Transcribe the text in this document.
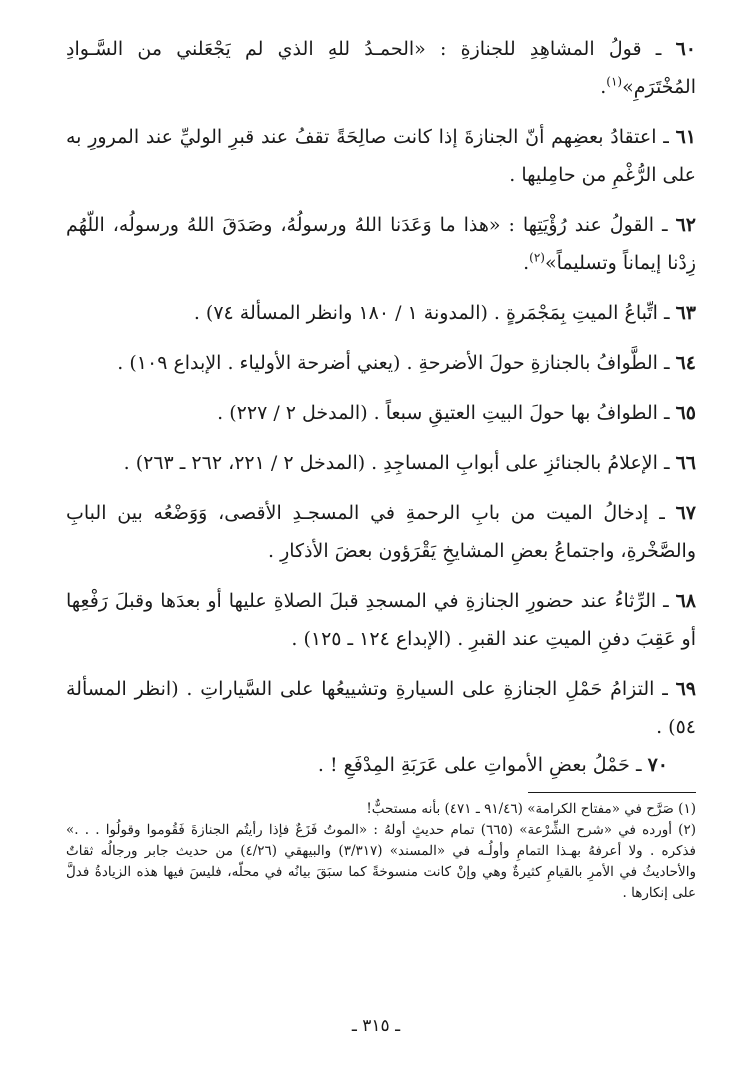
٦٠ ـ قولُ المشاهِدِ للجنازةِ : «الحمـدُ للهِ الذي لم يَجْعَلني من السَّـوادِ المُخْتَرَمِ»$^{(١)}$.

٦١ ـ اعتقادُ بعضِهم أنّ الجنازةَ إذا كانت صالِحَةً تقفُ عند قبرِ الوليِّ عند المرورِ به على الرُّغْمِ من حامِليها .

٦٢ ـ القولُ عند رُؤْيَتِها : «هذا ما وَعَدَنا اللهُ ورسولُهُ، وصَدَقَ اللهُ ورسولُه، اللّهُم زِدْنا إيماناً وتسليماً»$^{(٢)}$.

٦٣ ـ اتِّباعُ الميتِ بِمَجْمَرةٍ . (المدونة ١ / ١٨٠ وانظر المسألة ٧٤) .

٦٤ ـ الطَّوافُ بالجنازةِ حولَ الأضرحةِ . (يعني أضرحة الأولياء . الإبداع ١٠٩) .

٦٥ ـ الطوافُ بها حولَ البيتِ العتيقِ سبعاً . (المدخل ٢ / ٢٢٧) .

٦٦ ـ الإعلامُ بالجنائزِ على أبوابِ المساجِدِ . (المدخل ٢ / ٢٢١، ٢٦٢ ـ ٢٦٣) .

٦٧ ـ إدخالُ الميت من بابِ الرحمةِ في المسجـدِ الأقصى، وَوَضْعُه بين البابِ والصَّخْرةِ، واجتماعُ بعضِ المشايخِ يَقْرَؤون بعضَ الأذكارِ .

٦٨ ـ الرِّثاءُ عند حضورِ الجنازةِ في المسجدِ قبلَ الصلاةِ عليها أو بعدَها وقبلَ رَفْعِها أو عَقِبَ دفنِ الميتِ عند القبرِ . (الإبداع ١٢٤ ـ ١٢٥) .

٦٩ ـ التزامُ حَمْلِ الجنازةِ على السيارةِ وتشييعُها على السَّياراتِ . (انظر المسألة ٥٤) .

٧٠ ـ حَمْلُ بعضِ الأمواتِ على عَرَبَةِ المِدْفَعِ ! .

(١) صَرَّح في «مفتاح الكرامة» (٩١/٤٦ ـ ٤٧١) بأنه مستحبٌّ!

(٢) أورده في «شرح الشِّرْعة» (٦٦٥) تمام حديثٍ أولهُ : «الموتُ فَزَعٌ فإذا رأيتُم الجنازةَ فَقُوموا وقولُوا . . .» فذكره . ولا أعرفهُ بهـذا التمامِ وأولُـه في «المسند» (٣/٣١٧) والبيهقي (٤/٢٦) من حديث جابر ورجالُه ثقاتٌ والأحاديثُ في الأمرِ بالقيامِ كثيرةٌ وهي وإنْ كانت منسوخةً كما سبَقَ بيانُه في محلّه، فليسَ فيها هذه الزيادةُ فدلَّ على إنكارها .

ـ ٣١٥ ـ
